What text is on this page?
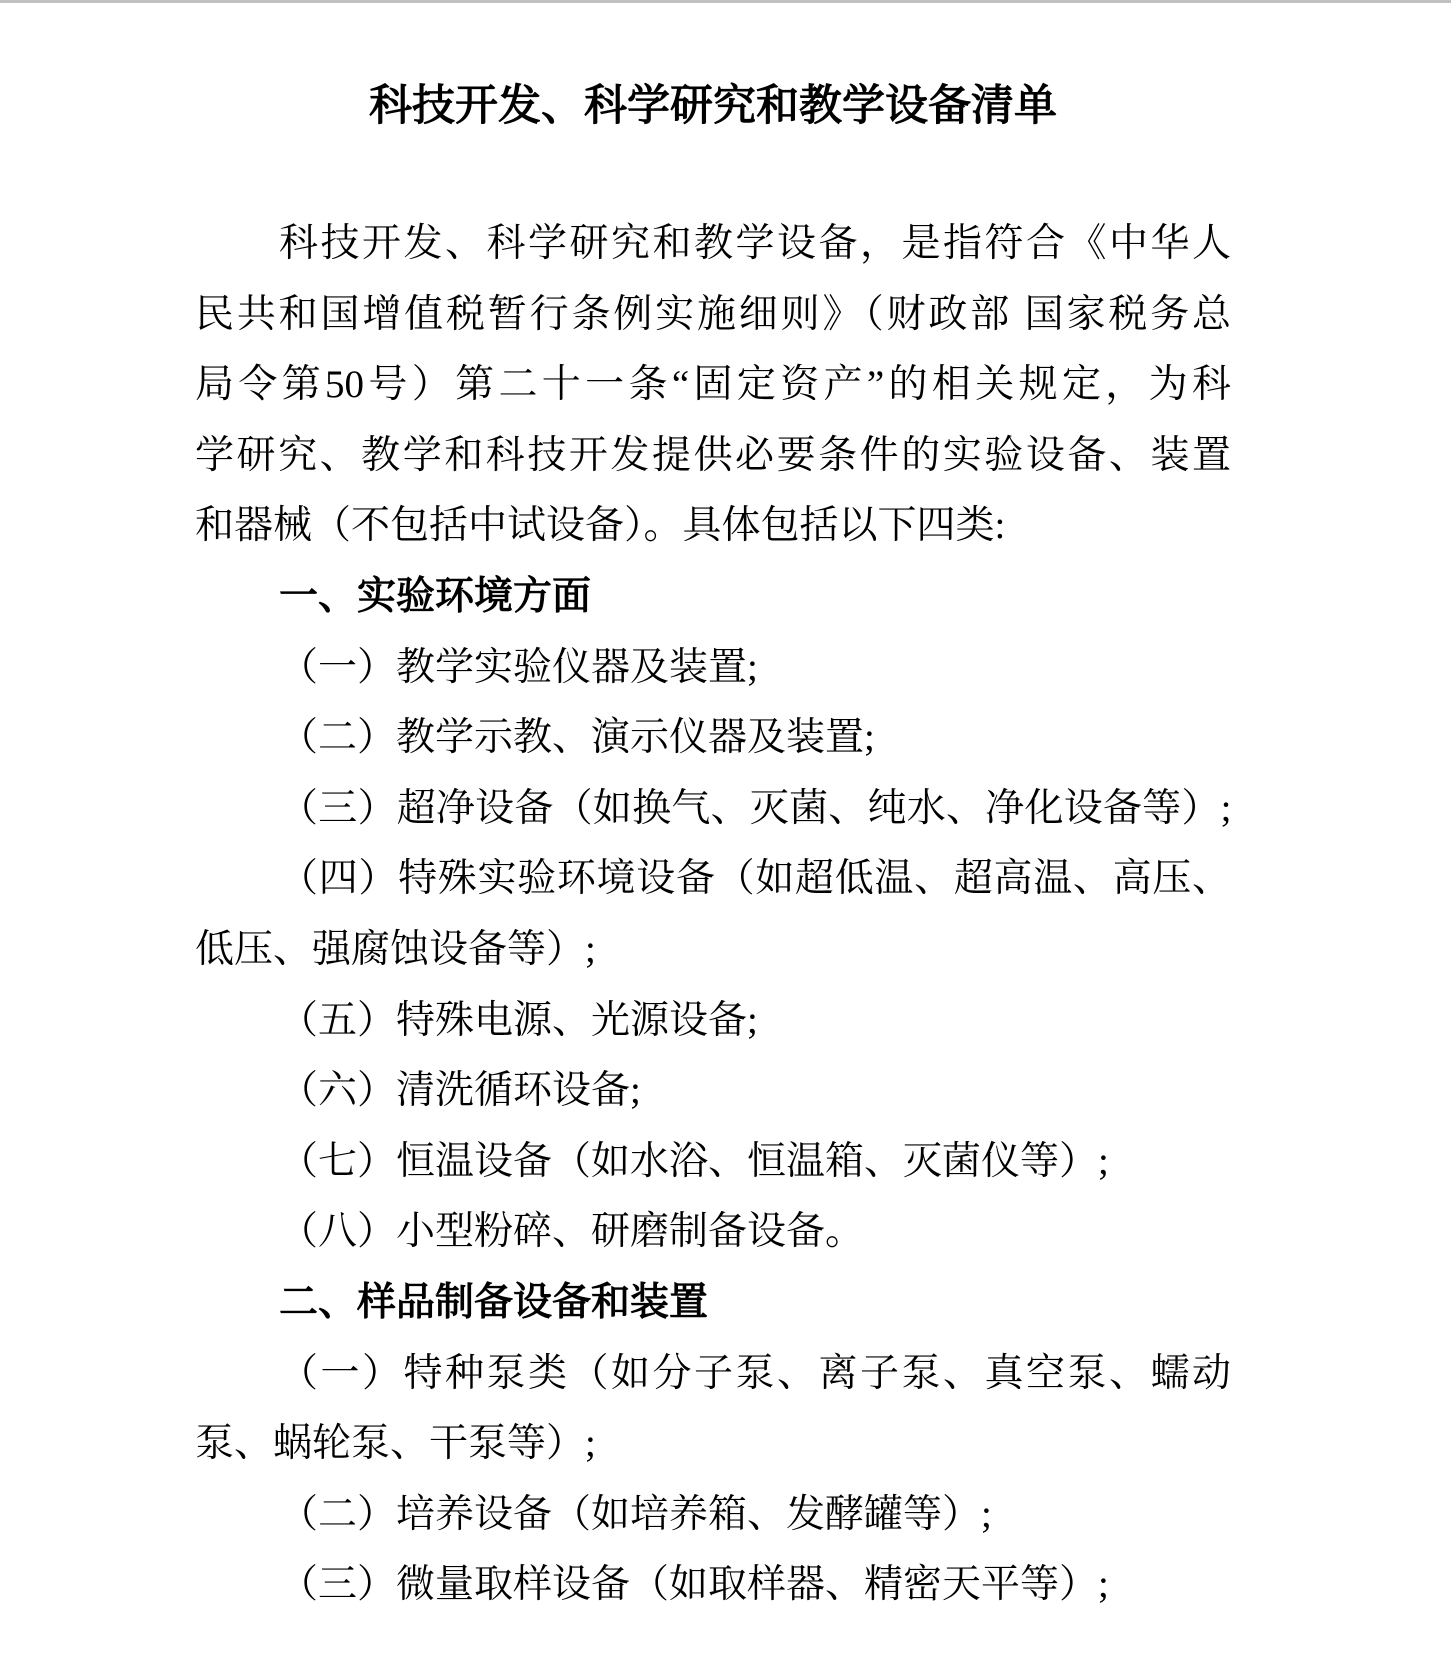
科技开发、科学研究和教学设备清单
科技开发、科学研究和教学设备，是指符合《中华人
民共和国增值税暂行条例实施细则》（财政部 国家税务总
局令第50号）第二十一条“固定资产”的相关规定，为科
学研究、教学和科技开发提供必要条件的实验设备、装置
和器械（不包括中试设备）。具体包括以下四类:
一、实验环境方面
（一）教学实验仪器及装置;
（二）教学示教、演示仪器及装置;
（三）超净设备（如换气、灭菌、纯水、净化设备等）;
（四）特殊实验环境设备（如超低温、超高温、高压、
低压、强腐蚀设备等）;
（五）特殊电源、光源设备;
（六）清洗循环设备;
（七）恒温设备（如水浴、恒温箱、灭菌仪等）;
（八）小型粉碎、研磨制备设备。
二、样品制备设备和装置
（一）特种泵类（如分子泵、离子泵、真空泵、蠕动
泵、蜗轮泵、干泵等）;
（二）培养设备（如培养箱、发酵罐等）;
（三）微量取样设备（如取样器、精密天平等）;
